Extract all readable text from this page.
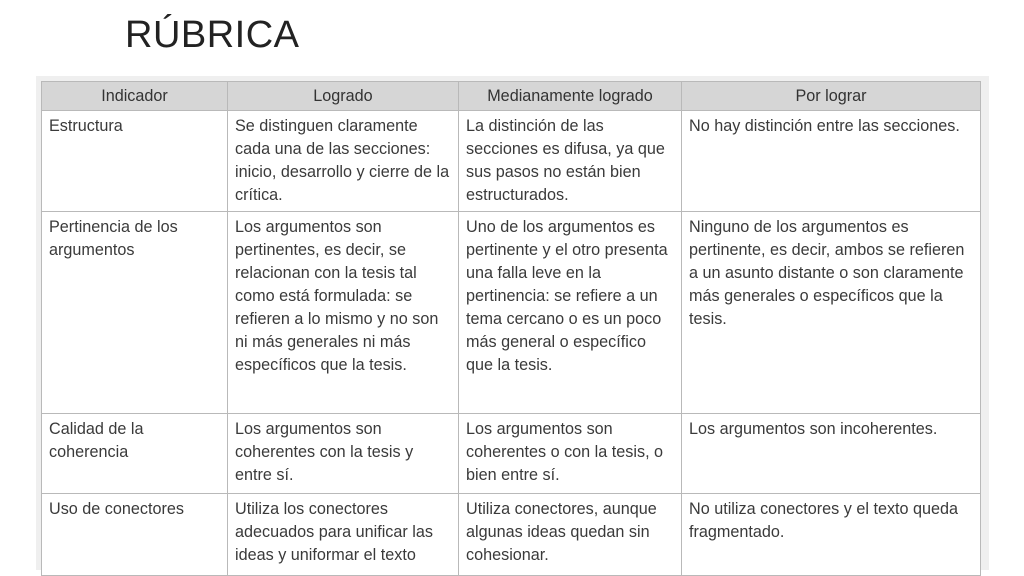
RÚBRICA
Indicador	Logrado	Medianamente logrado	Por lograr
Estructura	Se distinguen claramente cada una de las secciones: inicio, desarrollo y cierre de la crítica.	La distinción de las secciones es difusa, ya que sus pasos no están bien estructurados.	No hay distinción entre las secciones.
Pertinencia de los argumentos	Los argumentos son pertinentes, es decir, se relacionan con la tesis tal como está formulada: se refieren a lo mismo y no son ni más generales ni más específicos que la tesis.	Uno de los argumentos es pertinente y el otro presenta una falla leve en la pertinencia: se refiere a un tema cercano o es un poco más general o específico que la tesis.	Ninguno de los argumentos es pertinente, es decir, ambos se refieren a un asunto distante o son claramente más generales o específicos que la tesis.
Calidad de la coherencia	Los argumentos son coherentes con la tesis y entre sí.	Los argumentos son coherentes o con la tesis, o bien entre sí.	Los argumentos son incoherentes.
Uso de conectores	Utiliza los conectores adecuados para unificar las ideas y uniformar el texto	Utiliza conectores, aunque algunas ideas quedan sin cohesionar.	No utiliza conectores y el texto queda fragmentado.
